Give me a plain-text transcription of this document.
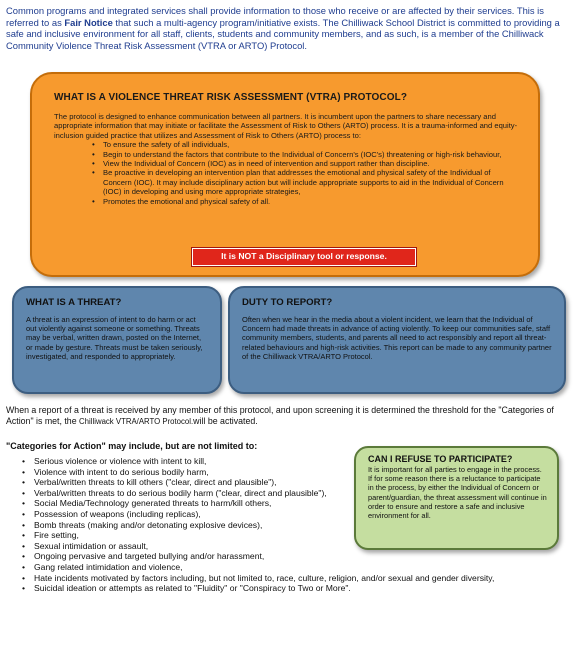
Common programs and integrated services shall provide information to those who receive or are affected by their services. This is referred to as Fair Notice that such a multi-agency program/initiative exists. The Chilliwack School District is committed to providing a safe and inclusive environment for all staff, clients, students and community members, and as such, is a member of the Chilliwack Community Violence Threat Risk Assessment (VTRA or ARTO) Protocol.
WHAT IS A VIOLENCE THREAT RISK ASSESSMENT (VTRA) PROTOCOL?
The protocol is designed to enhance communication between all partners. It is incumbent upon the partners to share necessary and appropriate information that may initiate or facilitate the Assessment of Risk to Others (ARTO) process. It is a trauma-informed and equity-inclusion guided practice that utilizes and Assessment of Risk to Others (ARTO) process to:
• To ensure the safety of all individuals,
• Begin to understand the factors that contribute to the Individual of Concern's (IOC's) threatening or high-risk behaviour,
• View the Individual of Concern (IOC) as in need of intervention and support rather than discipline.
• Be proactive in developing an intervention plan that addresses the emotional and physical safety of the Individual of Concern (IOC). It may include disciplinary action but will include appropriate supports to aid in the Individual of Concern (IOC) in developing and using more appropriate strategies,
• Promotes the emotional and physical safety of all.
It is NOT a Disciplinary tool or response.
WHAT IS A THREAT?

A threat is an expression of intent to do harm or act out violently against someone or something. Threats may be verbal, written drawn, posted on the Internet, or made by gesture. Threats must be taken seriously, investigated, and responded to appropriately.

DUTY TO REPORT?

Often when we hear in the media about a violent incident, we learn that the Individual of Concern had made threats in advance of acting violently. To keep our communities safe, staff community members, students, and parents all need to act responsibly and report all threat-related behaviours and high-risk activities. This report can be made to any community partner of the Chilliwack VTRA/ARTO Protocol.

When a report of a threat is received by any member of this protocol, and upon screening it is determined the threshold for the "Categories of Action" is met, the Chilliwack VTRA/ARTO Protocol.will be activated.
"Categories for Action" may include, but are not limited to:
• Serious violence or violence with intent to kill,
• Violence with intent to do serious bodily harm,
• Verbal/written threats to kill others ("clear, direct and plausible"),
• Verbal/written threats to do serious bodily harm ("clear, direct and plausible"),
• Social Media/Technology generated threats to harm/kill others,
• Possession of weapons (including replicas),
• Bomb threats (making and/or detonating explosive devices),
• Fire setting,
• Sexual intimidation or assault,
• Ongoing pervasive and targeted bullying and/or harassment,
• Gang related intimidation and violence,
• Hate incidents motivated by factors including, but not limited to, race, culture, religion, and/or sexual and gender diversity,
• Suicidal ideation or attempts as related to "Fluidity" or "Conspiracy to Two or More".
CAN I REFUSE TO PARTICIPATE?

It is important for all parties to engage in the process. If for some reason there is a reluctance to participate in the process, by either the Individual of Concern or parent/guardian, the threat assessment will continue in order to ensure and restore a safe and inclusive environment for all.
